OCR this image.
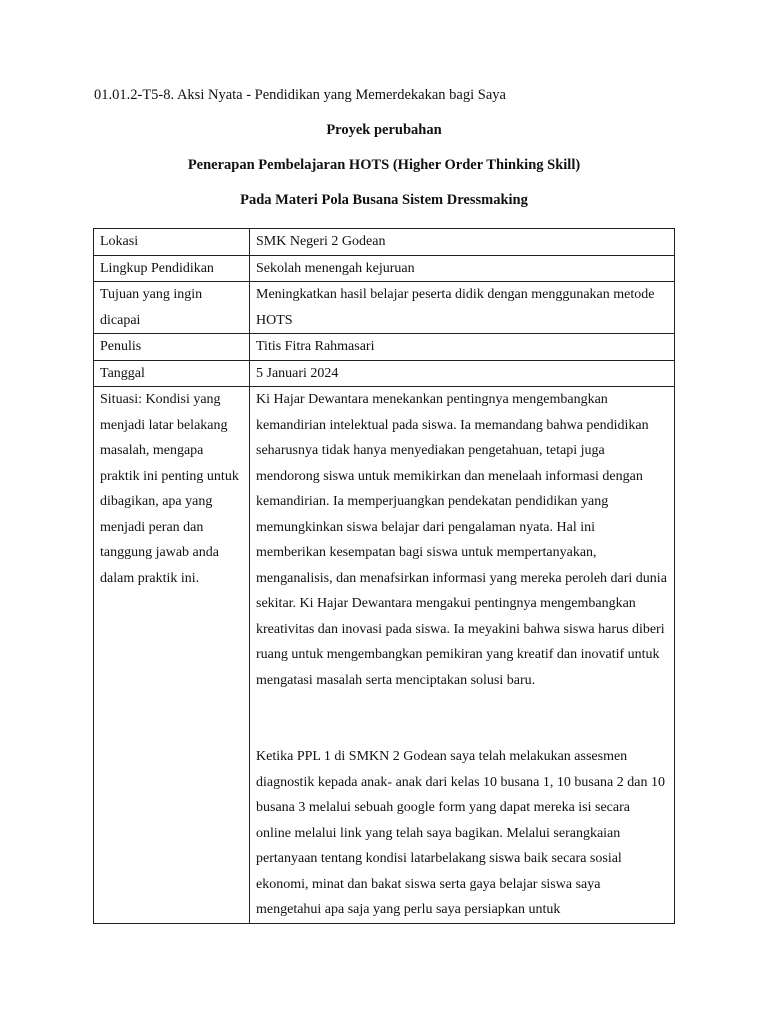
01.01.2-T5-8. Aksi Nyata - Pendidikan yang Memerdekakan bagi Saya
Proyek perubahan
Penerapan Pembelajaran HOTS (Higher Order Thinking Skill)
Pada Materi Pola Busana Sistem Dressmaking
Lokasi	SMK Negeri 2 Godean
Lingkup Pendidikan	Sekolah menengah kejuruan
Tujuan yang ingin dicapai	Meningkatkan hasil belajar peserta didik dengan menggunakan metode HOTS
Penulis	Titis Fitra Rahmasari
Tanggal	5 Januari 2024
Situasi: Kondisi yang menjadi latar belakang masalah, mengapa praktik ini penting untuk dibagikan, apa yang menjadi peran dan tanggung jawab anda dalam praktik ini.	Ki Hajar Dewantara menekankan pentingnya mengembangkan kemandirian intelektual pada siswa. Ia memandang bahwa pendidikan seharusnya tidak hanya menyediakan pengetahuan, tetapi juga mendorong siswa untuk memikirkan dan menelaah informasi dengan kemandirian. Ia memperjuangkan pendekatan pendidikan yang memungkinkan siswa belajar dari pengalaman nyata. Hal ini memberikan kesempatan bagi siswa untuk mempertanyakan, menganalisis, dan menafsirkan informasi yang mereka peroleh dari dunia sekitar. Ki Hajar Dewantara mengakui pentingnya mengembangkan kreativitas dan inovasi pada siswa. Ia meyakini bahwa siswa harus diberi ruang untuk mengembangkan pemikiran yang kreatif dan inovatif untuk mengatasi masalah serta menciptakan solusi baru.

Ketika PPL 1 di SMKN 2 Godean saya telah melakukan assesmen diagnostik kepada anak- anak dari kelas 10 busana 1, 10 busana 2 dan 10 busana 3 melalui sebuah google form yang dapat mereka isi secara online melalui link yang telah saya bagikan. Melalui serangkaian pertanyaan tentang kondisi latarbelakang siswa baik secara sosial ekonomi, minat dan bakat siswa serta gaya belajar siswa saya mengetahui apa saja yang perlu saya persiapkan untuk
